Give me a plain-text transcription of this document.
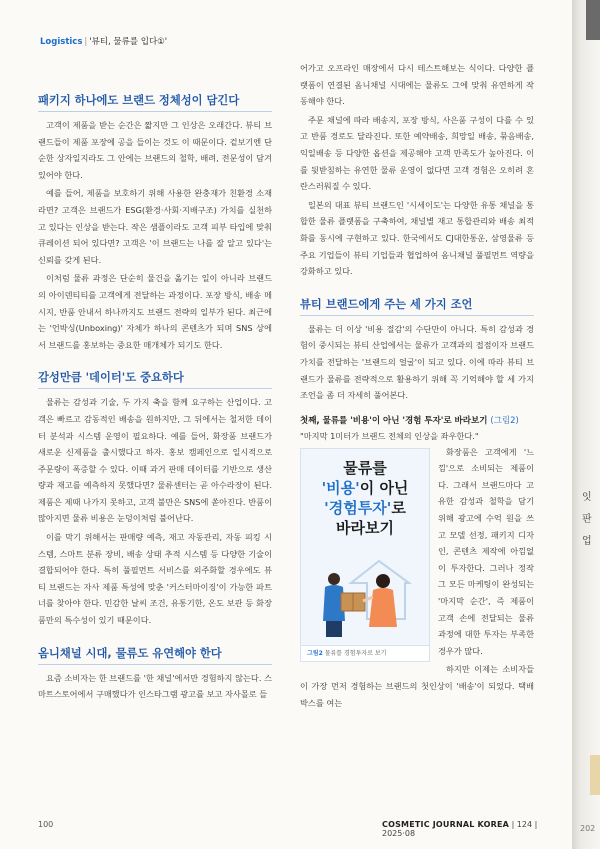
Logistics | '뷰티, 물류를 입다①'
패키지 하나에도 브랜드 정체성이 담긴다

고객이 제품을 받는 순간은 짧지만 그 인상은 오래간다. 뷰티 브랜드들이 제품 포장에 공을 들이는 것도 이 때문이다. 겉보기엔 단순한 상자일지라도 그 안에는 브랜드의 철학, 배려, 전문성이 담겨 있어야 한다.

예를 들어, 제품을 보호하기 위해 사용한 완충재가 친환경 소재라면? 고객은 브랜드가 ESG(환경·사회·지배구조) 가치를 실천하고 있다는 인상을 받는다. 작은 샘플이라도 고객 피부 타입에 맞춰 큐레이션 되어 있다면? 고객은 '이 브랜드는 나를 잘 알고 있다'는 신뢰를 갖게 된다.

이처럼 물류 과정은 단순히 물건을 옮기는 일이 아니라 브랜드의 아이덴티티를 고객에게 전달하는 과정이다. 포장 방식, 배송 메시지, 반품 안내서 하나까지도 브랜드 전략의 일부가 된다. 최근에는 '언박싱(Unboxing)' 자체가 하나의 콘텐츠가 되며 SNS 상에서 브랜드를 홍보하는 중요한 매개체가 되기도 한다.

감성만큼 '데이터'도 중요하다

물류는 감성과 기술, 두 가지 축을 함께 요구하는 산업이다. 고객은 빠르고 감동적인 배송을 원하지만, 그 뒤에서는 철저한 데이터 분석과 시스템 운영이 필요하다. 예를 들어, 화장품 브랜드가 새로운 신제품을 출시했다고 하자. 홍보 캠페인으로 일시적으로 주문량이 폭증할 수 있다. 이때 과거 판매 데이터를 기반으로 생산량과 재고를 예측하지 못했다면? 물류센터는 곧 아수라장이 된다. 제품은 제때 나가지 못하고, 고객 불만은 SNS에 쏟아진다. 반품이 많아지면 물류 비용은 눈덩이처럼 불어난다.

이를 막기 위해서는 판매량 예측, 재고 자동관리, 자동 피킹 시스템, 스마트 분류 장비, 배송 상태 추적 시스템 등 다양한 기술이 결합되어야 한다. 특히 풀필먼트 서비스를 외주화할 경우에도 뷰티 브랜드는 자사 제품 특성에 맞춘 '커스터마이징'이 가능한 파트너를 찾아야 한다. 민감한 날씨 조건, 유통기한, 온도 보관 등 화장품만의 특수성이 있기 때문이다.

옴니채널 시대, 물류도 유연해야 한다

요즘 소비자는 한 브랜드를 '한 채널'에서만 경험하지 않는다. 스마트스토어에서 구매했다가 인스타그램 광고를 보고 자사몰로 들

어가고 오프라인 매장에서 다시 테스트해보는 식이다. 다양한 플랫폼이 연결된 옴니채널 시대에는 물류도 그에 맞춰 유연하게 작동해야 한다.

주문 채널에 따라 배송지, 포장 방식, 사은품 구성이 다를 수 있고 반품 경로도 달라진다. 또한 예약배송, 희망일 배송, 묶음배송, 익일배송 등 다양한 옵션을 제공해야 고객 만족도가 높아진다. 이를 뒷받침하는 유연한 물류 운영이 없다면 고객 경험은 오히려 혼란스러워질 수 있다.

일본의 대표 뷰티 브랜드인 '시세이도'는 다양한 유통 채널을 통합한 물류 플랫폼을 구축하여, 채널별 재고 통합관리와 배송 최적화를 동시에 구현하고 있다. 한국에서도 CJ대한통운, 삼영물류 등 주요 기업들이 뷰티 기업들과 협업하여 옴니채널 풀필먼트 역량을 강화하고 있다.

뷰티 브랜드에게 주는 세 가지 조언

물류는 더 이상 '비용 절감'의 수단만이 아니다. 특히 감성과 경험이 중시되는 뷰티 산업에서는 물류가 고객과의 접점이자 브랜드 가치를 전달하는 '브랜드의 얼굴'이 되고 있다. 이에 따라 뷰티 브랜드가 물류를 전략적으로 활용하기 위해 꼭 기억해야 할 세 가지 조언을 좀 더 자세히 풀어본다.

첫째, 물류를 '비용'이 아닌 '경험 투자'로 바라보기 (그림2)
"마지막 1미터가 브랜드 전체의 인상을 좌우한다."
물류를
'비용'이 아닌
'경험투자'로
바라보기
그림2 물류를 경험투자로 보기

화장품은 고객에게 '느낌'으로 소비되는 제품이다. 그래서 브랜드마다 고유한 감성과 철학을 담기 위해 광고에 수억 원을 쓰고 모델 선정, 패키지 디자인, 콘텐츠 제작에 아낌없이 투자한다. 그러나 정작 그 모든 마케팅이 완성되는 '마지막 순간', 즉 제품이 고객 손에 전달되는 물류 과정에 대한 투자는 부족한 경우가 많다.

하지만 이제는 소비자들이 가장 먼저 경험하는 브랜드의 첫인상이 '배송'이 되었다. 택배 박스를 여는

100	COSMETIC JOURNAL KOREA | 124 | 2025·08
잇
판
업
202
